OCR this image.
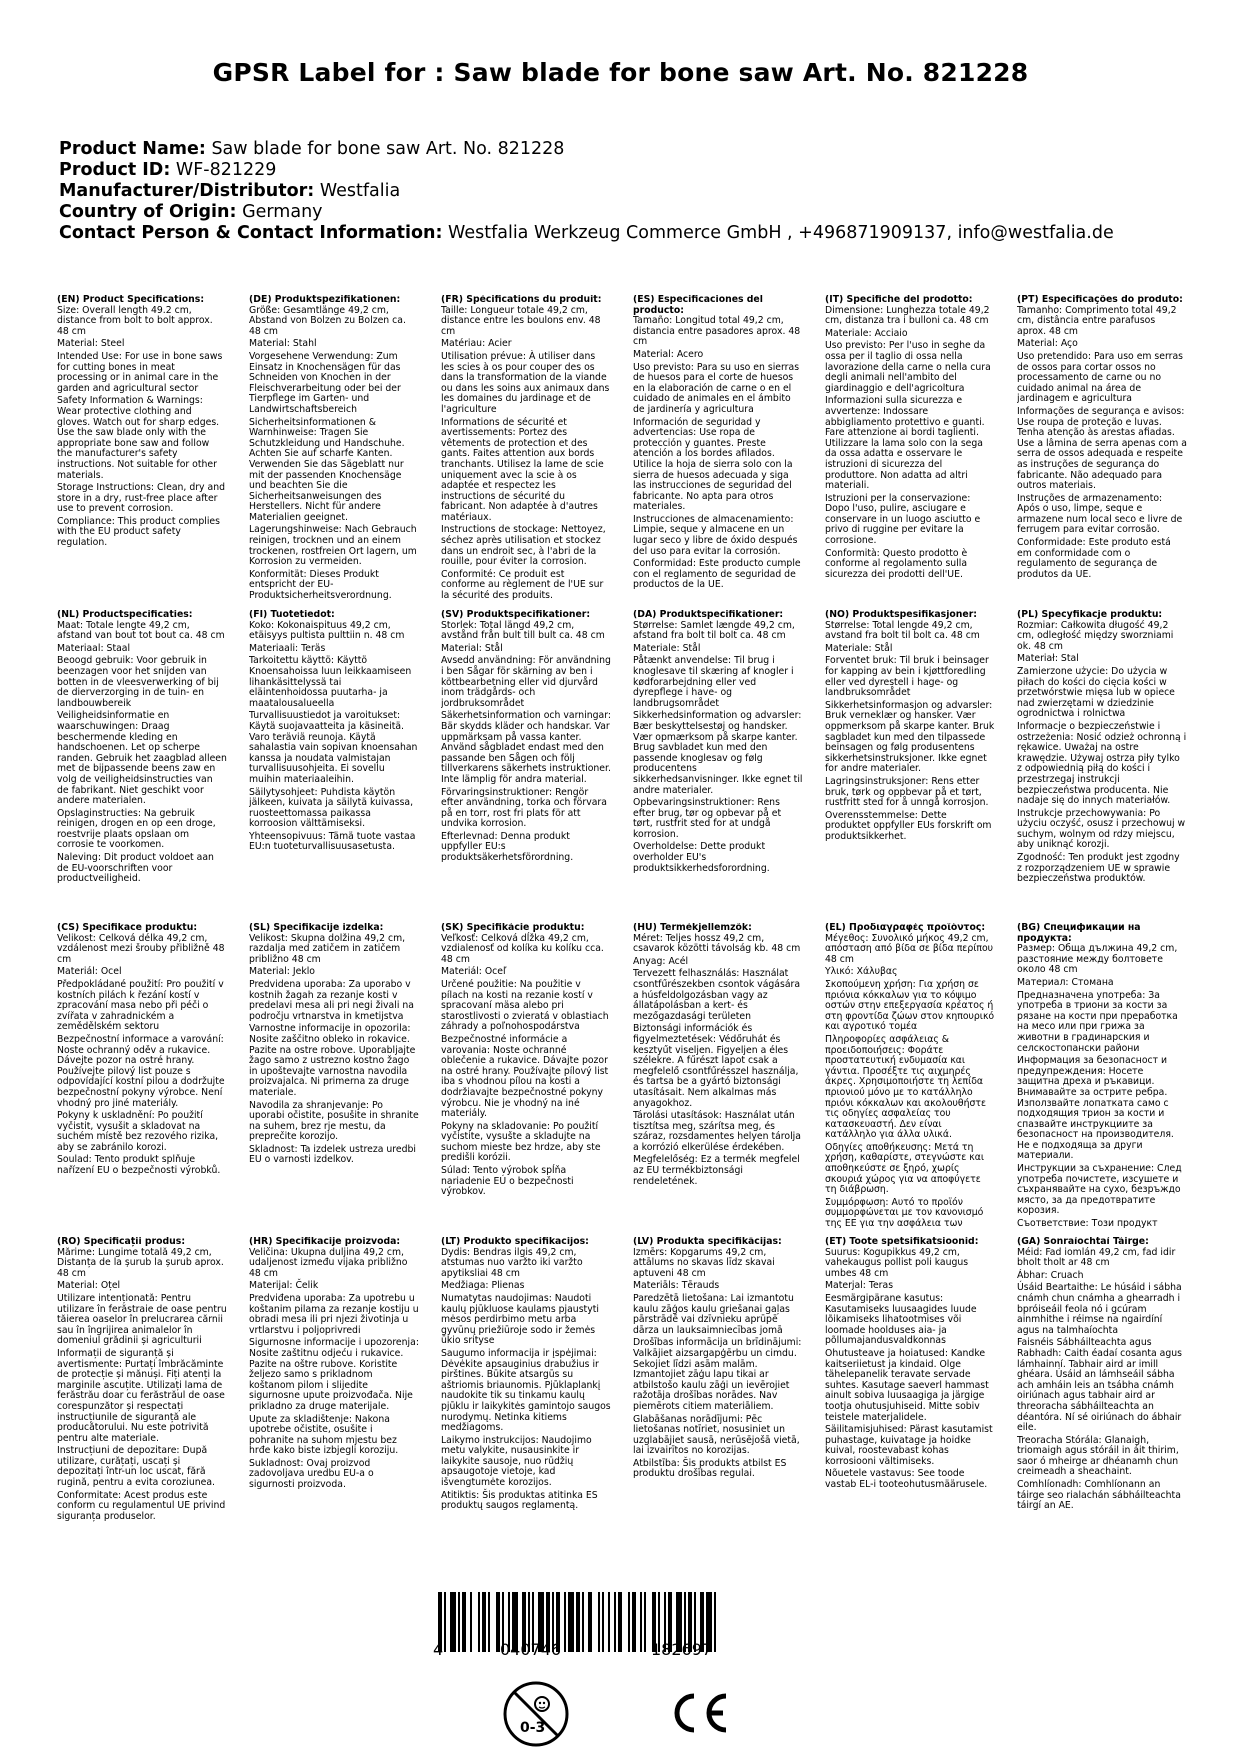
GPSR Label for : Saw blade for bone saw Art. No. 821228
Product Name: Saw blade for bone saw Art. No. 821228
Product ID: WF-821229
Manufacturer/Distributor: Westfalia
Country of Origin: Germany
Contact Person & Contact Information: Westfalia Werkzeug Commerce GmbH , +496871909137, info@westfalia.de
(EN) Product Specifications:

Size: Overall length 49.2 cm, distance from bolt to bolt approx. 48 cm

Material: Steel

Intended Use: For use in bone saws for cutting bones in meat processing or in animal care in the garden and agricultural sector

Safety Information & Warnings: Wear protective clothing and gloves. Watch out for sharp edges. Use the saw blade only with the appropriate bone saw and follow the manufacturer's safety instructions. Not suitable for other materials.

Storage Instructions: Clean, dry and store in a dry, rust-free place after use to prevent corrosion.

Compliance: This product complies with the EU product safety regulation.

(DE) Produktspezifikationen:

Größe: Gesamtlänge 49,2 cm, Abstand von Bolzen zu Bolzen ca. 48 cm

Material: Stahl

Vorgesehene Verwendung: Zum Einsatz in Knochensägen für das Schneiden von Knochen in der Fleischverarbeitung oder bei der Tierpflege im Garten- und Landwirtschaftsbereich

Sicherheitsinformationen & Warnhinweise: Tragen Sie Schutzkleidung und Handschuhe. Achten Sie auf scharfe Kanten. Verwenden Sie das Sägeblatt nur mit der passenden Knochensäge und beachten Sie die Sicherheitsanweisungen des Herstellers. Nicht für andere Materialien geeignet.

Lagerungshinweise: Nach Gebrauch reinigen, trocknen und an einem trockenen, rostfreien Ort lagern, um Korrosion zu vermeiden.

Konformität: Dieses Produkt entspricht der EU-Produktsicherheitsverordnung.

(FR) Spécifications du produit:

Taille: Longueur totale 49,2 cm, distance entre les boulons env. 48 cm

Matériau: Acier

Utilisation prévue: À utiliser dans les scies à os pour couper des os dans la transformation de la viande ou dans les soins aux animaux dans les domaines du jardinage et de l'agriculture

Informations de sécurité et avertissements: Portez des vêtements de protection et des gants. Faites attention aux bords tranchants. Utilisez la lame de scie uniquement avec la scie à os adaptée et respectez les instructions de sécurité du fabricant. Non adaptée à d'autres matériaux.

Instructions de stockage: Nettoyez, séchez après utilisation et stockez dans un endroit sec, à l'abri de la rouille, pour éviter la corrosion.

Conformité: Ce produit est conforme au règlement de l'UE sur la sécurité des produits.

(ES) Especificaciones del producto:

Tamaño: Longitud total 49,2 cm, distancia entre pasadores aprox. 48 cm

Material: Acero

Uso previsto: Para su uso en sierras de huesos para el corte de huesos en la elaboración de carne o en el cuidado de animales en el ámbito de jardinería y agricultura

Información de seguridad y advertencias: Use ropa de protección y guantes. Preste atención a los bordes afilados. Utilice la hoja de sierra solo con la sierra de huesos adecuada y siga las instrucciones de seguridad del fabricante. No apta para otros materiales.

Instrucciones de almacenamiento: Limpie, seque y almacene en un lugar seco y libre de óxido después del uso para evitar la corrosión.

Conformidad: Este producto cumple con el reglamento de seguridad de productos de la UE.

(IT) Specifiche del prodotto:

Dimensione: Lunghezza totale 49,2 cm, distanza tra i bulloni ca. 48 cm

Materiale: Acciaio

Uso previsto: Per l'uso in seghe da ossa per il taglio di ossa nella lavorazione della carne o nella cura degli animali nell'ambito del giardinaggio e dell'agricoltura

Informazioni sulla sicurezza e avvertenze: Indossare abbigliamento protettivo e guanti. Fare attenzione ai bordi taglienti. Utilizzare la lama solo con la sega da ossa adatta e osservare le istruzioni di sicurezza del produttore. Non adatta ad altri materiali.

Istruzioni per la conservazione: Dopo l'uso, pulire, asciugare e conservare in un luogo asciutto e privo di ruggine per evitare la corrosione.

Conformità: Questo prodotto è conforme al regolamento sulla sicurezza dei prodotti dell'UE.

(PT) Especificações do produto:

Tamanho: Comprimento total 49,2 cm, distância entre parafusos aprox. 48 cm

Material: Aço

Uso pretendido: Para uso em serras de ossos para cortar ossos no processamento de carne ou no cuidado animal na área de jardinagem e agricultura

Informações de segurança e avisos: Use roupa de proteção e luvas. Tenha atenção às arestas afiadas. Use a lâmina de serra apenas com a serra de ossos adequada e respeite as instruções de segurança do fabricante. Não adequado para outros materiais.

Instruções de armazenamento: Após o uso, limpe, seque e armazene num local seco e livre de ferrugem para evitar corrosão.

Conformidade: Este produto está em conformidade com o regulamento de segurança de produtos da UE.

(NL) Productspecificaties:

Maat: Totale lengte 49,2 cm, afstand van bout tot bout ca. 48 cm

Materiaal: Staal

Beoogd gebruik: Voor gebruik in beenzagen voor het snijden van botten in de vleesverwerking of bij de dierverzorging in de tuin- en landbouwbereik

Veiligheidsinformatie en waarschuwingen: Draag beschermende kleding en handschoenen. Let op scherpe randen. Gebruik het zaagblad alleen met de bijpassende beens zaw en volg de veiligheidsinstructies van de fabrikant. Niet geschikt voor andere materialen.

Opslaginstructies: Na gebruik reinigen, drogen en op een droge, roestvrije plaats opslaan om corrosie te voorkomen.

Naleving: Dit product voldoet aan de EU-voorschriften voor productveiligheid.

(FI) Tuotetiedot:

Koko: Kokonaispituus 49,2 cm, etäisyys pultista pulttiin n. 48 cm

Materiaali: Teräs

Tarkoitettu käyttö: Käyttö Knoensahoissa luun leikkaamiseen lihankäsittelyssä tai eläintenhoidossa puutarha- ja maatalousalueella

Turvallisuustiedot ja varoitukset: Käytä suojavaatteita ja käsineitä. Varo teräviä reunoja. Käytä sahalastia vain sopivan knoensahan kanssa ja noudata valmistajan turvallisuusohjeita. Ei sovellu muihin materiaaleihin.

Säilytysohjeet: Puhdista käytön jälkeen, kuivata ja säilytä kuivassa, ruosteettomassa paikassa korroosion välttämiseksi.

Yhteensopivuus: Tämä tuote vastaa EU:n tuoteturvallisuusasetusta.

(SV) Produktspecifikationer:

Storlek: Total längd 49,2 cm, avstånd från bult till bult ca. 48 cm

Material: Stål

Avsedd användning: För användning i ben Sågar för skärning av ben i köttbearbetning eller vid djurvård inom trädgårds- och jordbruksområdet

Säkerhetsinformation och varningar: Bär skydds kläder och handskar. Var uppmärksam på vassa kanter. Använd sågbladet endast med den passande ben Sågen och följ tillverkarens säkerhets instruktioner. Inte lämplig för andra material.

Förvaringsinstruktioner: Rengör efter användning, torka och förvara på en torr, rost fri plats för att undvika korrosion.

Efterlevnad: Denna produkt uppfyller EU:s produktsäkerhetsförordning.

(DA) Produktspecifikationer:

Størrelse: Samlet længde 49,2 cm, afstand fra bolt til bolt ca. 48 cm

Materiale: Stål

Påtænkt anvendelse: Til brug i knoglesave til skæring af knogler i kødforarbejdning eller ved dyrepflege i have- og landbrugsområdet

Sikkerhedsinformation og advarsler: Bær beskyttelsestøj og handsker. Vær opmærksom på skarpe kanter. Brug savbladet kun med den passende knoglesav og følg producentens sikkerhedsanvisninger. Ikke egnet til andre materialer.

Opbevaringsinstruktioner: Rens efter brug, tør og opbevar på et tørt, rustfrit sted for at undgå korrosion.

Overholdelse: Dette produkt overholder EU's produktsikkerhedsforordning.

(NO) Produktspesifikasjoner:

Størrelse: Total lengde 49,2 cm, avstand fra bolt til bolt ca. 48 cm

Materiale: Stål

Forventet bruk: Til bruk i beinsager for kapping av bein i kjøttforedling eller ved dyrestell i hage- og landbruksområdet

Sikkerhetsinformasjon og advarsler: Bruk verneklær og hansker. Vær oppmerksom på skarpe kanter. Bruk sagbladet kun med den tilpassede beinsagen og følg produsentens sikkerhetsinstruksjoner. Ikke egnet for andre materialer.

Lagringsinstruksjoner: Rens etter bruk, tørk og oppbevar på et tørt, rustfritt sted for å unngå korrosjon.

Overensstemmelse: Dette produktet oppfyller EUs forskrift om produktsikkerhet.

(PL) Specyfikacje produktu:

Rozmiar: Całkowita długość 49,2 cm, odległość między sworzniami ok. 48 cm

Materiał: Stal

Zamierzone użycie: Do użycia w piłach do kości do cięcia kości w przetwórstwie mięsa lub w opiece nad zwierzętami w dziedzinie ogrodnictwa i rolnictwa

Informacje o bezpieczeństwie i ostrzeżenia: Nosić odzież ochronną i rękawice. Uważaj na ostre krawędzie. Używaj ostrza piły tylko z odpowiednią piłą do kości i przestrzegaj instrukcji bezpieczeństwa producenta. Nie nadaje się do innych materiałów.

Instrukcje przechowywania: Po użyciu oczyść, osusz i przechowuj w suchym, wolnym od rdzy miejscu, aby uniknąć korozji.

Zgodność: Ten produkt jest zgodny z rozporządzeniem UE w sprawie bezpieczeństwa produktów.

(CS) Specifikace produktu:

Velikost: Celková délka 49,2 cm, vzdálenost mezi šrouby přibližně 48 cm

Materiál: Ocel

Předpokládané použití: Pro použití v kostních pilách k řezání kostí v zpracování masa nebo při péči o zvířata v zahradnickém a zemědělském sektoru

Bezpečnostní informace a varování: Noste ochranný oděv a rukavice. Dávejte pozor na ostré hrany. Používejte pilový list pouze s odpovídající kostní pilou a dodržujte bezpečnostní pokyny výrobce. Není vhodný pro jiné materiály.

Pokyny k uskladnění: Po použití vyčistit, vysušit a skladovat na suchém místě bez rezového rizika, aby se zabránilo korozi.

Soulad: Tento produkt splňuje nařízení EU o bezpečnosti výrobků.

(SL) Specifikacije izdelka:

Velikost: Skupna dolžina 49,2 cm, razdalja med zatičem in zatičem približno 48 cm

Material: Jeklo

Predvidena uporaba: Za uporabo v kostnih žagah za rezanje kosti v predelavi mesa ali pri negi živali na področju vrtnarstva in kmetijstva

Varnostne informacije in opozorila: Nosite zaščitno obleko in rokavice. Pazite na ostre robove. Uporabljajte žago samo z ustrezno kostno žago in upoštevajte varnostna navodila proizvajalca. Ni primerna za druge materiale.

Navodila za shranjevanje: Po uporabi očistite, posušite in shranite na suhem, brez rje mestu, da preprečite korozijo.

Skladnost: Ta izdelek ustreza uredbi EU o varnosti izdelkov.

(SK) Špecifikácie produktu:

Veľkosť: Celková dĺžka 49,2 cm, vzdialenosť od kolíka ku kolíku cca. 48 cm

Materiál: Oceľ

Určené použitie: Na použitie v pílach na kosti na rezanie kostí v spracovaní mäsa alebo pri starostlivosti o zvieratá v oblastiach záhrady a poľnohospodárstva

Bezpečnostné informácie a varovania: Noste ochranné oblečenie a rukavice. Dávajte pozor na ostré hrany. Používajte pílový list iba s vhodnou pílou na kosti a dodržiavajte bezpečnostné pokyny výrobcu. Nie je vhodný na iné materiály.

Pokyny na skladovanie: Po použití vyčistite, vysušte a skladujte na suchom mieste bez hrdze, aby ste predišli korózii.

Súlad: Tento výrobok spĺňa nariadenie EÚ o bezpečnosti výrobkov.

(HU) Termékjellemzők:

Méret: Teljes hossz 49,2 cm, csavarok közötti távolság kb. 48 cm

Anyag: Acél

Tervezett felhasználás: Használat csontfűrészekben csontok vágására a húsfeldolgozásban vagy az állatápolásban a kert- és mezőgazdasági területen

Biztonsági információk és figyelmeztetések: Védőruhát és kesztyűt viseljen. Figyeljen a éles szélekre. A fűrészt lapot csak a megfelelő csontfűrésszel használja, és tartsa be a gyártó biztonsági utasításait. Nem alkalmas más anyagokhoz.

Tárolási utasítások: Használat után tisztítsa meg, szárítsa meg, és száraz, rozsdamentes helyen tárolja a korrózió elkerülése érdekében.

Megfelelőség: Ez a termék megfelel az EU termékbiztonsági rendeletének.

(EL) Προδιαγραφές προϊόντος:

Μέγεθος: Συνολικό μήκος 49,2 cm, απόσταση από βίδα σε βίδα περίπου 48 cm

Υλικό: Χάλυβας

Σκοπούμενη χρήση: Για χρήση σε πριόνια κόκκαλων για το κόψιμο οστών στην επεξεργασία κρέατος ή στη φροντίδα ζώων στον κηπουρικό και αγροτικό τομέα

Πληροφορίες ασφάλειας & προειδοποιήσεις: Φοράτε προστατευτική ενδυμασία και γάντια. Προσέξτε τις αιχμηρές άκρες. Χρησιμοποιήστε τη λεπίδα πριονιού μόνο με το κατάλληλο πριόνι κόκκαλων και ακολουθήστε τις οδηγίες ασφαλείας του κατασκευαστή. Δεν είναι κατάλληλο για άλλα υλικά.

Οδηγίες αποθήκευσης: Μετά τη χρήση, καθαρίστε, στεγνώστε και αποθηκεύστε σε ξηρό, χωρίς σκουριά χώρος για να αποφύγετε τη διάβρωση.

Συμμόρφωση: Αυτό το προϊόν συμμορφώνεται με τον κανονισμό της ΕΕ για την ασφάλεια των

(BG) Спецификации на продукта:

Размер: Обща дължина 49,2 cm, разстояние между болтовете около 48 cm

Материал: Стомана

Предназначена употреба: За употреба в триони за кости за рязане на кости при преработка на месо или при грижа за животни в градинарския и селскостопански райони

Информация за безопасност и предупреждения: Носете защитна дреха и ръкавици. Внимавайте за острите ребра. Използвайте лопатката само с подходящия трион за кости и спазвайте инструкциите за безопасност на производителя. Не е подходяща за други материали.

Инструкции за съхранение: След употреба почистете, изсушете и съхранявайте на сухо, безръждо място, за да предотвратите корозия.

Съответствие: Този продукт

(RO) Specificații produs:

Mărime: Lungime totală 49,2 cm, Distanța de la șurub la șurub aprox. 48 cm

Material: Oțel

Utilizare intenționată: Pentru utilizare în ferăstraie de oase pentru tăierea oaselor în prelucrarea cărnii sau în îngrijirea animalelor în domeniul grădinii și agriculturii

Informații de siguranță și avertismente: Purtați îmbrăcăminte de protecție și mănuși. Fiți atenți la marginile ascuțite. Utilizați lama de ferăstrău doar cu ferăstrăul de oase corespunzător și respectați instrucțiunile de siguranță ale producătorului. Nu este potrivită pentru alte materiale.

Instrucțiuni de depozitare: După utilizare, curățați, uscați și depozitați într-un loc uscat, fără rugină, pentru a evita coroziunea.

Conformitate: Acest produs este conform cu regulamentul UE privind siguranța produselor.

(HR) Specifikacije proizvoda:

Veličina: Ukupna duljina 49,2 cm, udaljenost između vijaka približno 48 cm

Materijal: Čelik

Predviđena uporaba: Za upotrebu u koštanim pilama za rezanje kostiju u obradi mesa ili pri njezi životinja u vrtlarstvu i poljoprivredi

Sigurnosne informacije i upozorenja: Nosite zaštitnu odjeću i rukavice. Pazite na oštre rubove. Koristite željezo samo s prikladnom koštanom pilom i slijedite sigurnosne upute proizvođača. Nije prikladno za druge materijale.

Upute za skladištenje: Nakona upotrebe očistite, osušite i pohranite na suhom mjestu bez hrđe kako biste izbjegli koroziju.

Sukladnost: Ovaj proizvod zadovoljava uredbu EU-a o sigurnosti proizvoda.

(LT) Produkto specifikacijos:

Dydis: Bendras ilgis 49,2 cm, atstumas nuo varžto iki varžto apytiksliai 48 cm

Medžiaga: Plienas

Numatytas naudojimas: Naudoti kaulų pjūkluose kaulams pjaustyti mėsos perdirbimo metu arba gyvūnų priežiūroje sodo ir žemės ūkio srityse

Saugumo informacija ir įspėjimai: Dėvėkite apsauginius drabužius ir pirštines. Būkite atsargūs su aštriomis briaunomis. Pjūklaplankį naudokite tik su tinkamu kaulų pjūklu ir laikykitės gamintojo saugos nurodymų. Netinka kitiems medžiagoms.

Laikymo instrukcijos: Naudojimo metu valykite, nusausinkite ir laikykite sausoje, nuo rūdžių apsaugotoje vietoje, kad išvengtumėte korozijos.

Atitiktis: Šis produktas atitinka ES produktų saugos reglamentą.

(LV) Produkta specifikācijas:

Izmērs: Kopgarums 49,2 cm, attālums no skavas līdz skavai aptuveni 48 cm

Materiāls: Tērauds

Paredzētā lietošana: Lai izmantotu kaulu zāģos kaulu griešanai gaļas pārstrādē vai dzīvnieku aprūpē dārza un lauksaimniecības jomā

Drošības informācija un brīdinājumi: Valkājiet aizsargapģērbu un cimdu. Sekojiet līdzi asām malām. Izmantojiet zāģu lapu tikai ar atbilstošo kaulu zāģi un ievērojiet ražotāja drošības norādes. Nav piemērots citiem materiāliem.

Glabāšanas norādījumi: Pēc lietošanas notīriet, nosusiniet un uzglabājiet sausā, nerūsējošā vietā, lai izvairītos no korozijas.

Atbilstība: Šis produkts atbilst ES produktu drošības regulai.

(ET) Toote spetsifikatsioonid:

Suurus: Kogupikkus 49,2 cm, vahekaugus pollist poli kaugus umbes 48 cm

Materjal: Teras

Eesmärgipärane kasutus: Kasutamiseks luusaagides luude lõikamiseks lihatootmises või loomade hoolduses aia- ja põllumajandusvaldkonnas

Ohutusteave ja hoiatused: Kandke kaitseriietust ja kindaid. Olge tähelepanelik teravate servade suhtes. Kasutage saeverl hammast ainult sobiva luusaagiga ja järgige tootja ohutusjuhiseid. Mitte sobiv teistele materjalidele.

Säilitamisjuhised: Pärast kasutamist puhastage, kuivatage ja hoidke kuival, roostevabast kohas korrosiooni vältimiseks.

Nõuetele vastavus: See toode vastab EL-i tooteohutusmäärusele.

(GA) Sonraíochtaí Táirge:

Méid: Fad iomlán 49,2 cm, fad idir bholt tholt ar 48 cm

Ábhar: Cruach

Úsáid Beartaithe: Le húsáid i sábha cnámh chun cnámha a ghearradh i bpróiseáil feola nó i gcúram ainmhithe i réimse na ngairdíní agus na talmhaíochta

Faisnéis Sábháilteachta agus Rabhadh: Caith éadaí cosanta agus lámhainní. Tabhair aird ar imill ghéara. Úsáid an lámhseáil sábha ach amháin leis an tsábha cnámh oiriúnach agus tabhair aird ar threoracha sábháilteachta an déantóra. Ní sé oiriúnach do ábhair eile.

Treoracha Stórála: Glanaigh, triomaigh agus stóráil in áit thirim, saor ó mheirge ar dhéanamh chun creimeadh a sheachaint.

Comhlíonadh: Comhlíonann an táirge seo rialachán sábháilteachta táirgí an AE.

4	040746	182697
0-3
